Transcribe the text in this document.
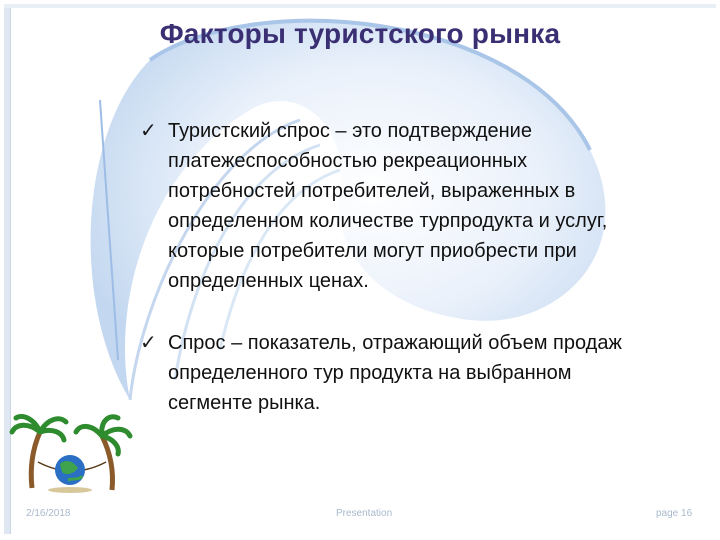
Факторы туристского рынка
✓ Туристский спрос – это подтверждение платежеспособностью рекреационных потребностей потребителей, выраженных в определенном количестве турпродукта и услуг, которые потребители могут приобрести при определенных ценах.
✓ Спрос – показатель, отражающий объем продаж определенного тур продукта на выбранном сегменте рынка.
2/16/2018	Presentation	page 16
